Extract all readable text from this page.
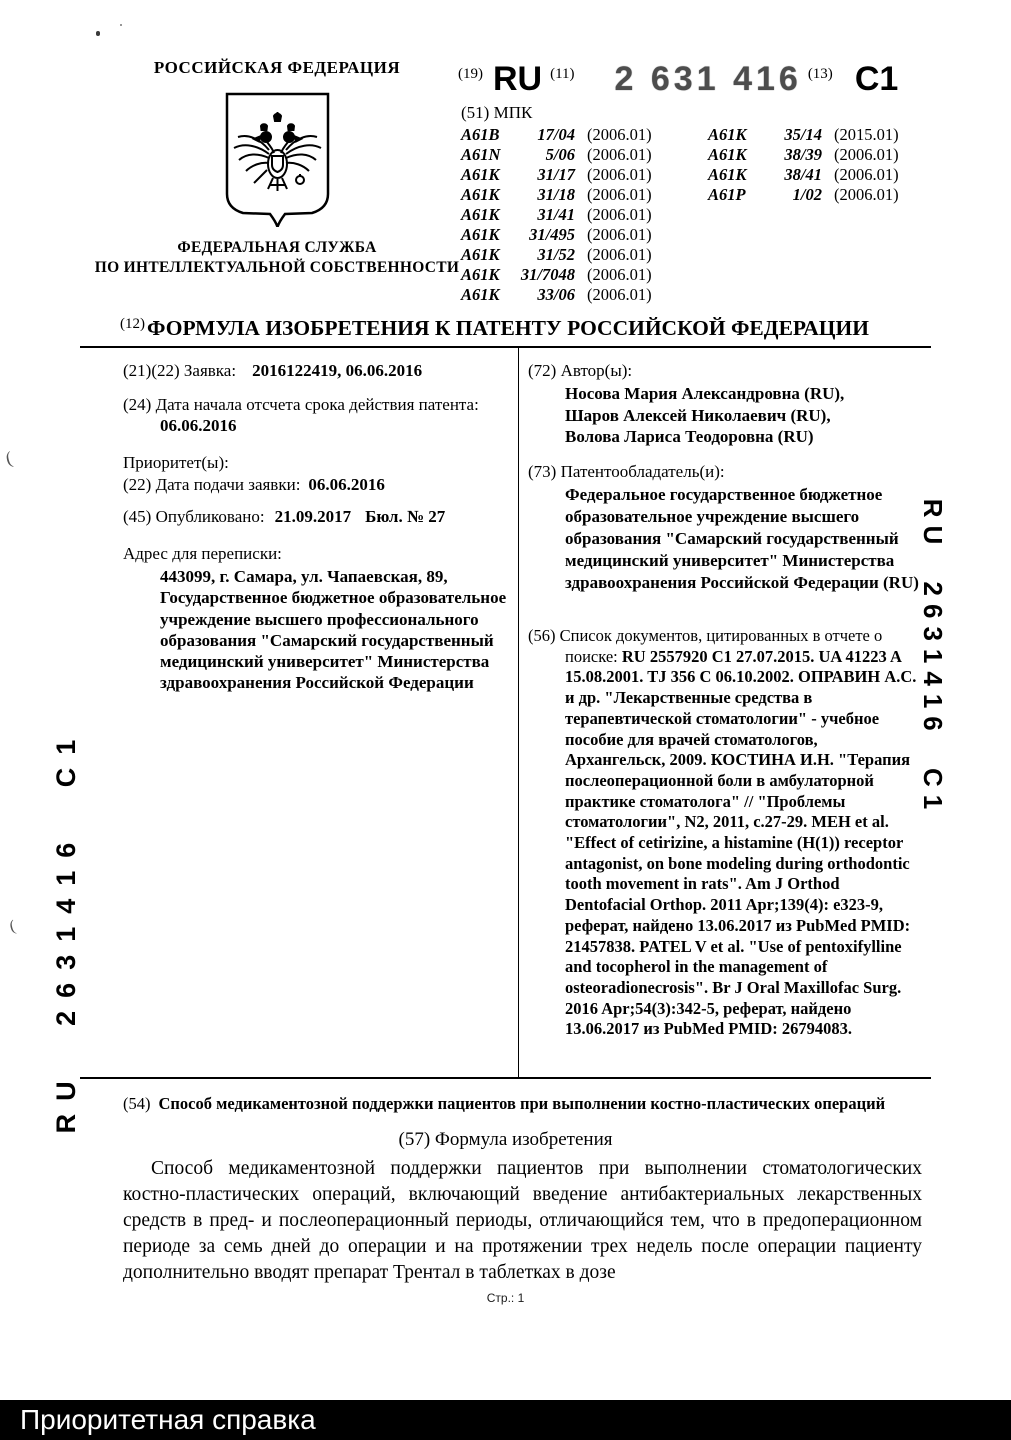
(
(
РОССИЙСКАЯ ФЕДЕРАЦИЯ
ФЕДЕРАЛЬНАЯ СЛУЖБА
ПО ИНТЕЛЛЕКТУАЛЬНОЙ СОБСТВЕННОСТИ
(19) RU (11) 2 631 416 (13) C1
(51) МПК
A61B	17/04 (2006.01)
A61N	5/06 (2006.01)
A61K	31/17 (2006.01)
A61K	31/18 (2006.01)
A61K	31/41 (2006.01)
A61K	31/495 (2006.01)
A61K	31/52 (2006.01)
A61K	31/7048 (2006.01)
A61K	33/06 (2006.01)
A61K	35/14 (2015.01)
A61K	38/39 (2006.01)
A61K	38/41 (2006.01)
A61P	1/02 (2006.01)
$^{(12)}$ФОРМУЛА ИЗОБРЕТЕНИЯ К ПАТЕНТУ РОССИЙСКОЙ ФЕДЕРАЦИИ
(21)(22) Заявка: 2016122419, 06.06.2016
(24) Дата начала отсчета срока действия патента:
06.06.2016
Приоритет(ы):
(22) Дата подачи заявки: 06.06.2016
(45) Опубликовано: 21.09.2017 Бюл. № 27
Адрес для переписки:
443099, г. Самара, ул. Чапаевская, 89, Государственное бюджетное образовательное учреждение высшего профессионального образования "Самарский государственный медицинский университет" Министерства здравоохранения Российской Федерации
(72) Автор(ы):
Носова Мария Александровна (RU),
Шаров Алексей Николаевич (RU),
Волова Лариса Теодоровна (RU)
(73) Патентообладатель(и):
Федеральное государственное бюджетное образовательное учреждение высшего образования "Самарский государственный медицинский университет" Министерства здравоохранения Российской Федерации (RU)
(56) Список документов, цитированных в отчете о поиске: RU 2557920 C1 27.07.2015. UA 41223 A 15.08.2001. TJ 356 C 06.10.2002. ОПРАВИН А.С. и др. "Лекарственные средства в терапевтической стоматологии" - учебное пособие для врачей стоматологов, Архангельск, 2009. КОСТИНА И.Н. "Терапия послеоперационной боли в амбулаторной практике стоматолога" // "Проблемы стоматологии", N2, 2011, с.27-29. MEH et al. "Effect of cetirizine, a histamine (H(1)) receptor antagonist, on bone modeling during orthodontic tooth movement in rats". Am J Orthod Dentofacial Orthop. 2011 Apr;139(4): e323-9, реферат, найдено 13.06.2017 из PubMed PMID: 21457838. PATEL V et al. "Use of pentoxifylline and tocopherol in the management of osteoradionecrosis". Br J Oral Maxillofac Surg. 2016 Apr;54(3):342-5, реферат, найдено 13.06.2017 из PubMed PMID: 26794083.
(54) Способ медикаментозной поддержки пациентов при выполнении костно-пластических операций
(57) Формула изобретения
Способ медикаментозной поддержки пациентов при выполнении стоматологических костно-пластических операций, включающий введение антибактериальных лекарственных средств в пред- и послеоперационный периоды, отличающийся тем, что в предоперационном периоде за семь дней до операции и на протяжении трех недель после операции пациенту дополнительно вводят препарат Трентал в таблетках в дозе
Стр.: 1
RU 2631416 C1
RU 2631416 C1
Приоритетная справка
